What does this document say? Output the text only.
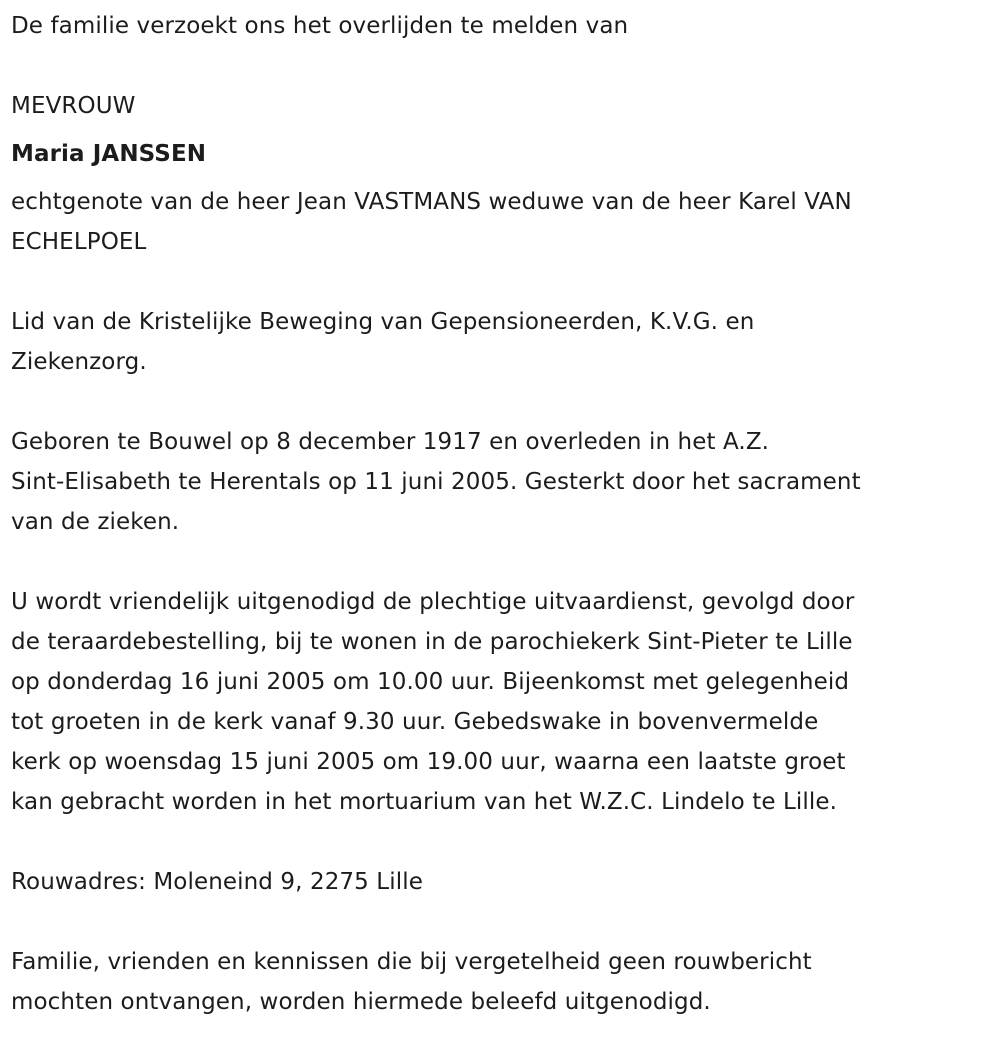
De familie verzoekt ons het overlijden te melden van

MEVROUW

Maria JANSSEN

echtgenote van de heer Jean VASTMANS weduwe van de heer Karel VAN

ECHELPOEL

Lid van de Kristelijke Beweging van Gepensioneerden, K.V.G. en

Ziekenzorg.

Geboren te Bouwel op 8 december 1917 en overleden in het A.Z.

Sint-Elisabeth te Herentals op 11 juni 2005. Gesterkt door het sacrament

van de zieken.

U wordt vriendelijk uitgenodigd de plechtige uitvaardienst, gevolgd door

de teraardebestelling, bij te wonen in de parochiekerk Sint-Pieter te Lille

op donderdag 16 juni 2005 om 10.00 uur. Bijeenkomst met gelegenheid

tot groeten in de kerk vanaf 9.30 uur. Gebedswake in bovenvermelde

kerk op woensdag 15 juni 2005 om 19.00 uur, waarna een laatste groet

kan gebracht worden in het mortuarium van het W.Z.C. Lindelo te Lille.

Rouwadres: Moleneind 9, 2275 Lille

Familie, vrienden en kennissen die bij vergetelheid geen rouwbericht

mochten ontvangen, worden hiermede beleefd uitgenodigd.
